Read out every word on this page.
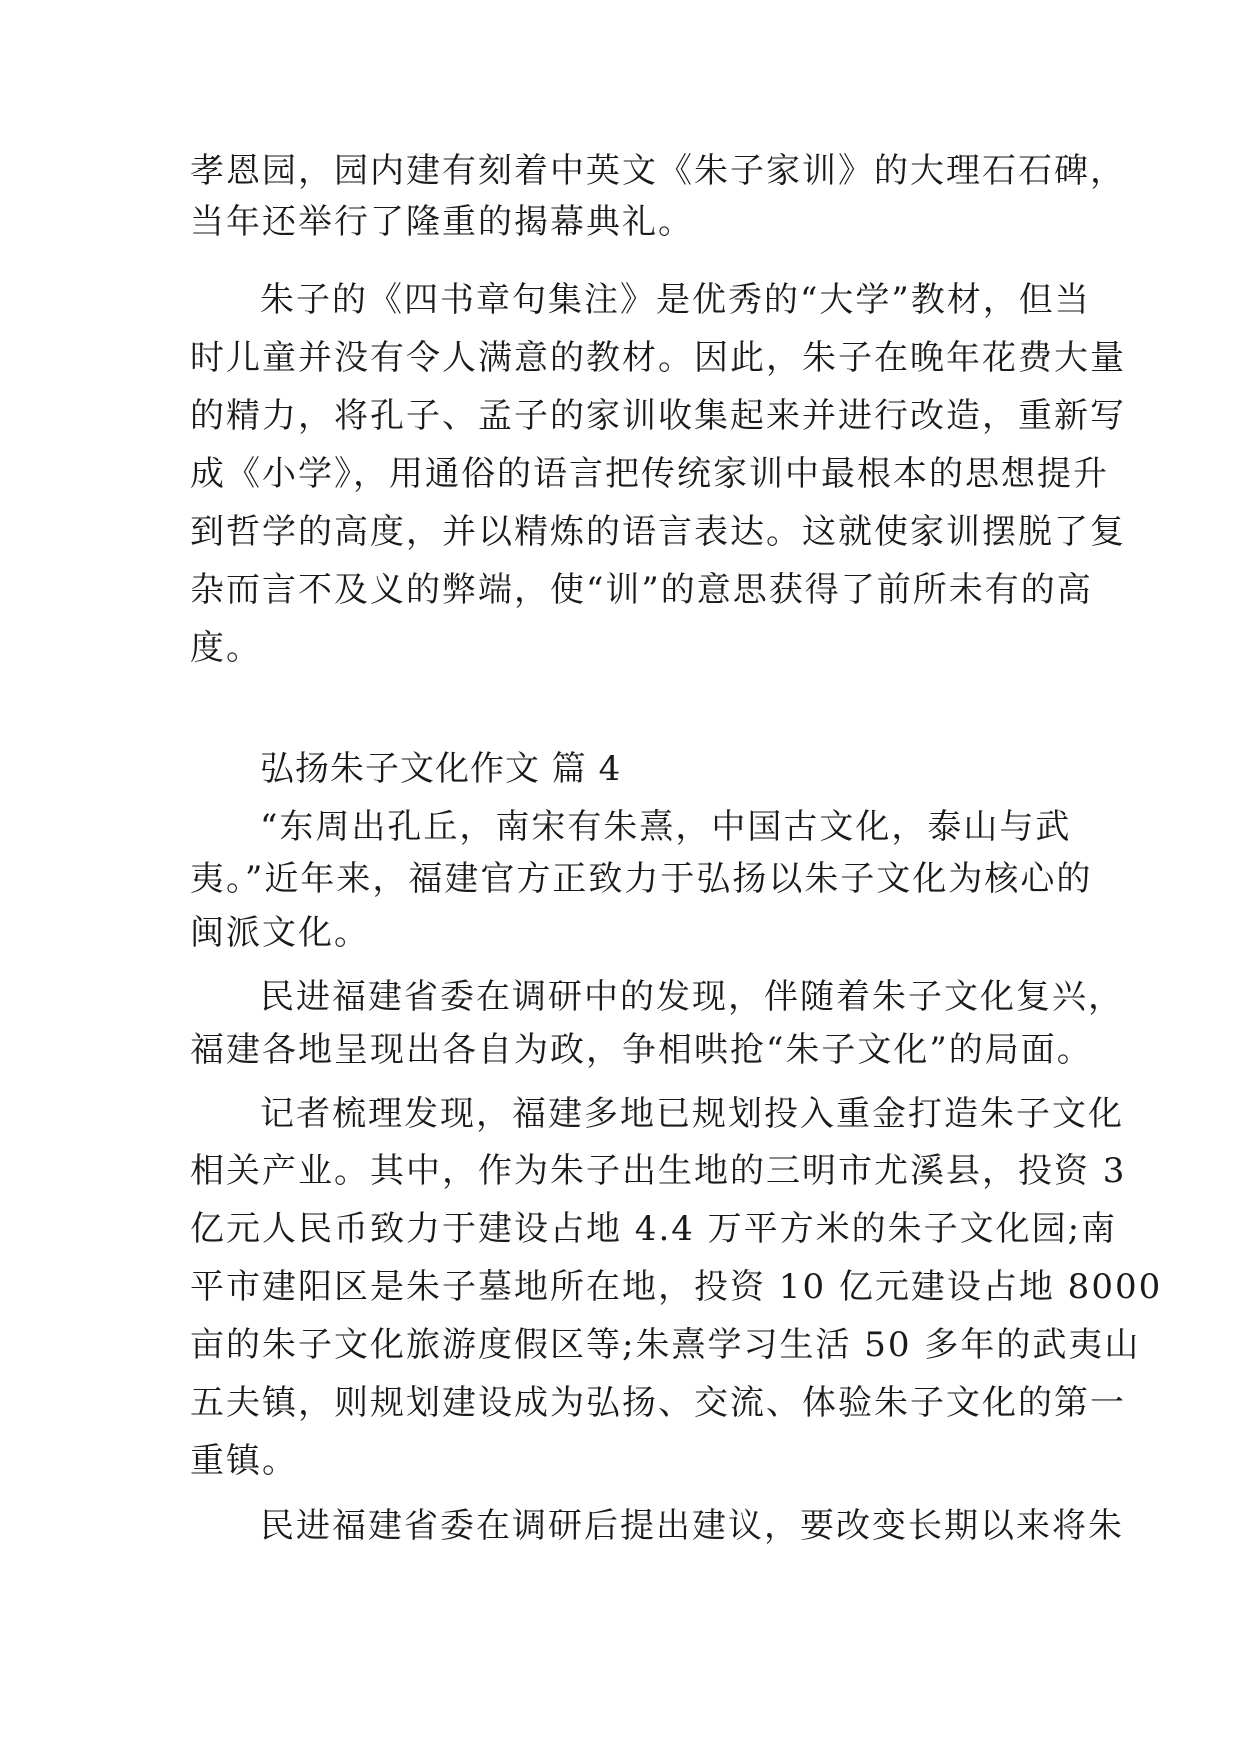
孝恩园，园内建有刻着中英文《朱子家训》的大理石石碑，
当年还举行了隆重的揭幕典礼。
朱子的《四书章句集注》是优秀的“大学”教材，但当
时儿童并没有令人满意的教材。因此，朱子在晚年花费大量
的精力，将孔子、孟子的家训收集起来并进行改造，重新写
成《小学》，用通俗的语言把传统家训中最根本的思想提升
到哲学的高度，并以精炼的语言表达。这就使家训摆脱了复
杂而言不及义的弊端，使“训”的意思获得了前所未有的高
度。
弘扬朱子文化作文 篇 4
“东周出孔丘，南宋有朱熹，中国古文化，泰山与武
夷。”近年来，福建官方正致力于弘扬以朱子文化为核心的
闽派文化。
民进福建省委在调研中的发现，伴随着朱子文化复兴，
福建各地呈现出各自为政，争相哄抢“朱子文化”的局面。
记者梳理发现，福建多地已规划投入重金打造朱子文化
相关产业。其中，作为朱子出生地的三明市尤溪县，投资 3
亿元人民币致力于建设占地 4.4 万平方米的朱子文化园;南
平市建阳区是朱子墓地所在地，投资 10 亿元建设占地 8000
亩的朱子文化旅游度假区等;朱熹学习生活 50 多年的武夷山
五夫镇，则规划建设成为弘扬、交流、体验朱子文化的第一
重镇。
民进福建省委在调研后提出建议，要改变长期以来将朱
